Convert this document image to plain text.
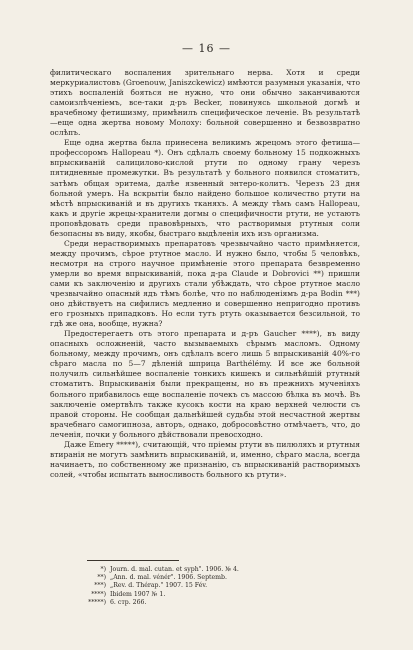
— 16 —

филитическаго воспаления зрительнаго нерва. Хотя и среди меркуриалистовъ (Groenouw, Janiszckewicz) имѣются разумныя указанія, что этихъ воспаленій бояться не нужно, что они обычно заканчиваются самоизлѣченіемъ, все-таки д-ръ Becker, повинуясь школьной догмѣ и врачебному фетишизму, примѣнилъ специфическое леченіе. Въ результатѣ—еще одна жертва новому Молоху: больной совершенно и безвозвратно ослѣпъ.

Еще одна жертва была принесена великимъ жрецомъ этого фетиша—профессоромъ Hallopeau *). Онъ сдѣлалъ своему больному 15 подкожныхъ впрыскиваній салицилово-кислой ртути по одному грану черезъ пятидневные промежутки. Въ результатѣ у больного появился стоматитъ, затѣмъ общая эритема, далѣе язвенный энтеро-колитъ. Черезъ 23 дня больной умеръ. На вскрытіи было найдено большое количество ртути на мѣстѣ впрыскиваній и въ другихъ тканяхъ. А между тѣмъ самъ Hallopeau, какъ и другіе жрецы-хранители догмы о специфичности ртути, не устаютъ проповѣдовать среди правовѣрныхъ, что растворимыя ртутныя соли безопасны въ виду, якобы, быстраго выдѣленія ихъ изъ организма.

Среди нерастворимыхъ препаратовъ чрезвычайно часто примѣняется, между прочимъ, сѣрое ртутное масло. И нужно было, чтобы 5 человѣкъ, несмотря на строго научное примѣненіе этого препарата безвременно умерли во время впрыскиваній, пока д-ра Claude и Dobrovici **) пришли сами къ заключенію и другихъ стали убѣждать, что сѣрое ртутное масло чрезвычайно опасный ядъ тѣмъ болѣе, что по наблюденіямъ д-ра Bodin ***) оно дѣйствуетъ на сифилисъ медленно и совершенно непригодно противъ его грозныхъ припадковъ. Но если тутъ ртуть оказывается безсильной, то гдѣ же она, вообще, нужна?

Предостерегаетъ отъ этого препарата и д-ръ Gaucher ****), въ виду опасныхъ осложненій, часто вызываемыхъ сѣрымъ масломъ. Одному больному, между прочимъ, онъ сдѣлалъ всего лишь 5 впрыскиваній 40%-го сѣраго масла по 5—7 дѣленій шприца Barthélémy. И все же больной получилъ сильнѣйшее воспаленіе тонкихъ кишекъ и сильнѣйшій ртутный стоматитъ. Впрыскиванія были прекращены, но въ прежнихъ мученіяхъ больного прибавилось еще воспаленіе почекъ съ массою бѣлка въ мочѣ. Въ заключеніе омертвѣлъ также кусокъ кости на краю верхней челюсти съ правой стороны. Не сообщая дальнѣйшей судьбы этой несчастной жертвы врачебнаго самогипноза, авторъ, однако, добросовѣстно отмѣчаетъ, что, до леченія, почки у больного дѣйствовали превосходно.

Даже Emery *****), считающій, что пріемы ртути въ пилюляхъ и ртутныя втиранія не могутъ замѣнить впрыскиваній, и, именно, сѣраго масла, всегда начинаетъ, по собственному же признанію, съ впрыскиваній растворимыхъ солей, «чтобы испытать выносливость больного къ ртути».

*) Journ. d. mal. cutan. et syph". 1906. № 4.
**) „Ann. d. mal. vénér". 1906. Septemb.
***) „Rev. d. Thérap." 1907. 15 Fév.
****) Ibidem 1907 № 1.
*****) 6. стр. 266.
